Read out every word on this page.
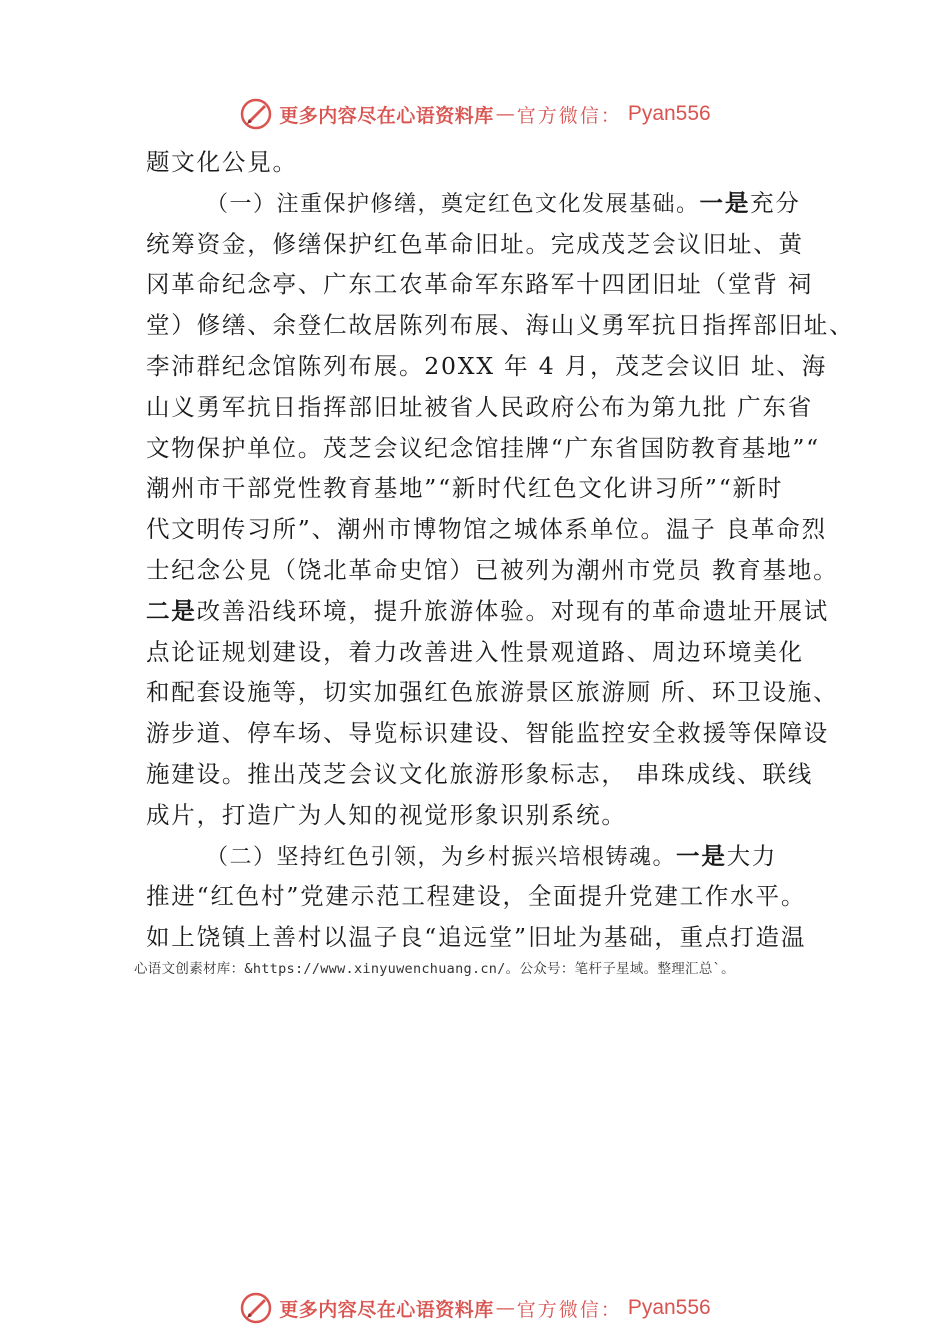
更多内容尽在心语资料库 — 官方微信： Pyan556
题文化公⾒。
（一）注重保护修缮，奠定红色文化发展基础。一是充分
统筹资金，修缮保护红色革命旧址。完成茂芝会议旧址、黄
冈革命纪念亭、广东工农革命军东路军十四团旧址（堂背 祠
堂）修缮、余登仁故居陈列布展、海山义勇军抗日指挥部旧址、
李沛群纪念馆陈列布展。20XX 年 4 月，茂芝会议旧 址、海
山义勇军抗日指挥部旧址被省人民政府公布为第九批 广东省
文物保护单位。茂芝会议纪念馆挂牌“广东省国防教育基地”“
潮州市干部党性教育基地”“新时代红色文化讲习所”“新时
代文明传习所”、潮州市博物馆之城体系单位。温子 良革命烈
士纪念公⾒（饶北革命史馆）已被列为潮州市党员 教育基地。
二是改善沿线环境，提升旅游体验。对现有的革命遗址开展试
点论证规划建设，着力改善进入性景观道路、周边环境美化
和配套设施等，切实加强红色旅游景区旅游厕 所、环卫设施、
游步道、停车场、导览标识建设、智能监控安全救援等保障设
施建设。推出茂芝会议文化旅游形象标志， 串珠成线、联线
成片，打造广为人知的视觉形象识别系统。
（二）坚持红色引领，为乡村振兴培根铸魂。一是大力
推进“红色村”党建示范工程建设，全面提升党建工作水平。
如上饶镇上善村以温子良“追远堂”旧址为基础，重点打造温
心语文创素材库：&https://www.xinyuwenchuang.cn/。公众号：笔杆子星域。整理汇总`。
更多内容尽在心语资料库 — 官方微信： Pyan556
